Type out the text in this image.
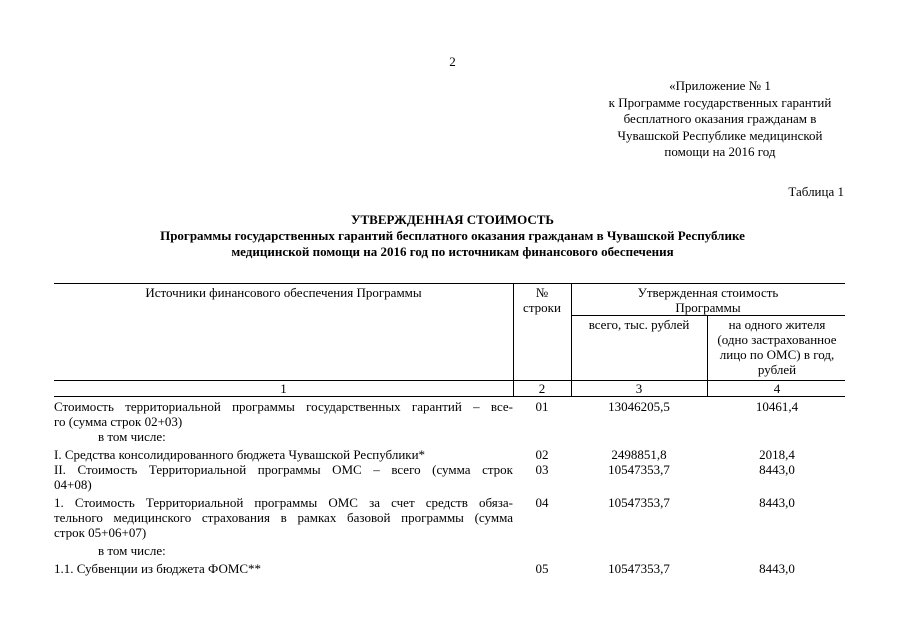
2
«Приложение № 1
к Программе государственных гарантий
бесплатного оказания гражданам в
Чувашской Республике медицинской
помощи на 2016 год
Таблица 1
УТВЕРЖДЕННАЯ СТОИМОСТЬ
Программы государственных гарантий бесплатного оказания гражданам в Чувашской Республике
медицинской помощи на 2016 год по источникам финансового обеспечения
Источники финансового обеспечения Программы	№
строки
Утвержденная стоимость
Программы
всего, тыс. рублей	на одного жителя
(одно застрахованное
лицо по ОМС) в год,
рублей
1	2	3	4
Стоимость территориальной программы государственных гарантий – все-
го (сумма строк 02+03)
01	13046205,5	10461,4
в том числе:
I. Средства консолидированного бюджета Чувашской Республики*	02	2498851,8	2018,4
II. Стоимость Территориальной программы ОМС – всего (сумма строк
04+08)
03	10547353,7	8443,0
1. Стоимость Территориальной программы ОМС за счет средств обяза-
тельного медицинского страхования в рамках базовой программы (сумма
строк 05+06+07)
04	10547353,7	8443,0
в том числе:
1.1. Субвенции из бюджета ФОМС**	05	10547353,7	8443,0
